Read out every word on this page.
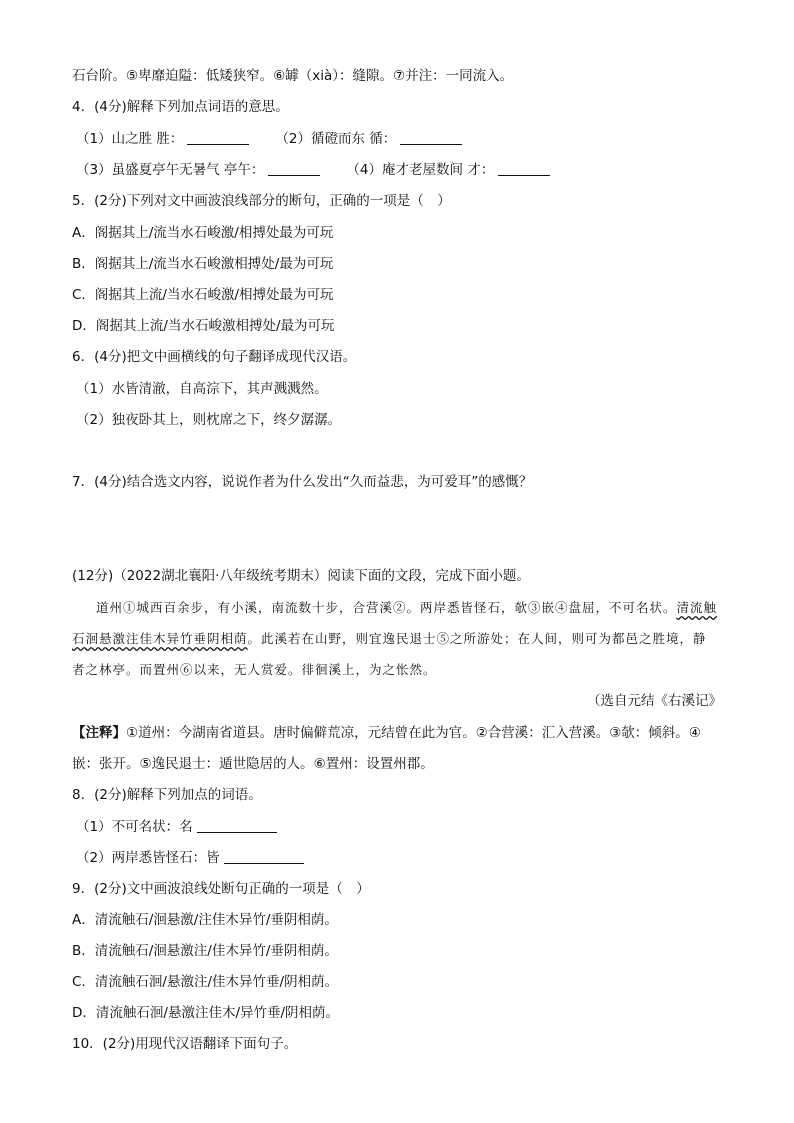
石台阶。⑤卑靡迫隘：低矮狭窄。⑥罅（xià）：缝隙。⑦并注：一同流入。
4．(4分)解释下列加点词语的意思。
（1）山之胜 胜：	（2）循磴而东 循：
（3）虽盛夏亭午无暑气 亭午：	（4）庵才老屋数间 才：
5．(2分)下列对文中画波浪线部分的断句，正确的一项是（　）
A．阁据其上/流当水石峻激/相搏处最为可玩
B．阁据其上/流当水石峻激相搏处/最为可玩
C．阁据其上流/当水石峻激/相搏处最为可玩
D．阁据其上流/当水石峻激相搏处/最为可玩
6．(4分)把文中画横线的句子翻译成现代汉语。
（1）水皆清澈，自高淙下，其声溅溅然。
（2）独夜卧其上，则枕席之下，终夕潺潺。
7．(4分)结合选文内容，说说作者为什么发出“久而益悲，为可爱耳”的感慨？
(12分)（2022湖北襄阳·八年级统考期末）阅读下面的文段，完成下面小题。
道州①城西百余步，有小溪，南流数十步，合营溪②。两岸悉皆怪石，欹③嵌④盘屈，不可名状。清流触
石洄悬激注佳木异竹垂阴相荫。此溪若在山野，则宜逸民退士⑤之所游处；在人间，则可为都邑之胜境，静
者之林亭。而置州⑥以来，无人赏爱。徘徊溪上，为之怅然。
（选自元结《右溪记》
【注释】①道州：今湖南省道县。唐时偏僻荒凉，元结曾在此为官。②合营溪：汇入营溪。③欹：倾斜。④
嵌：张开。⑤逸民退士：遁世隐居的人。⑥置州：设置州郡。
8．(2分)解释下列加点的词语。
（1）不可名状：名
（2）两岸悉皆怪石：皆
9．(2分)文中画波浪线处断句正确的一项是（　）
A．清流触石/洄悬激/注佳木异竹/垂阴相荫。
B．清流触石/洄悬激注/佳木异竹/垂阴相荫。
C．清流触石洄/悬激注/佳木异竹垂/阴相荫。
D．清流触石洄/悬激注佳木/异竹垂/阴相荫。
10．(2分)用现代汉语翻译下面句子。
